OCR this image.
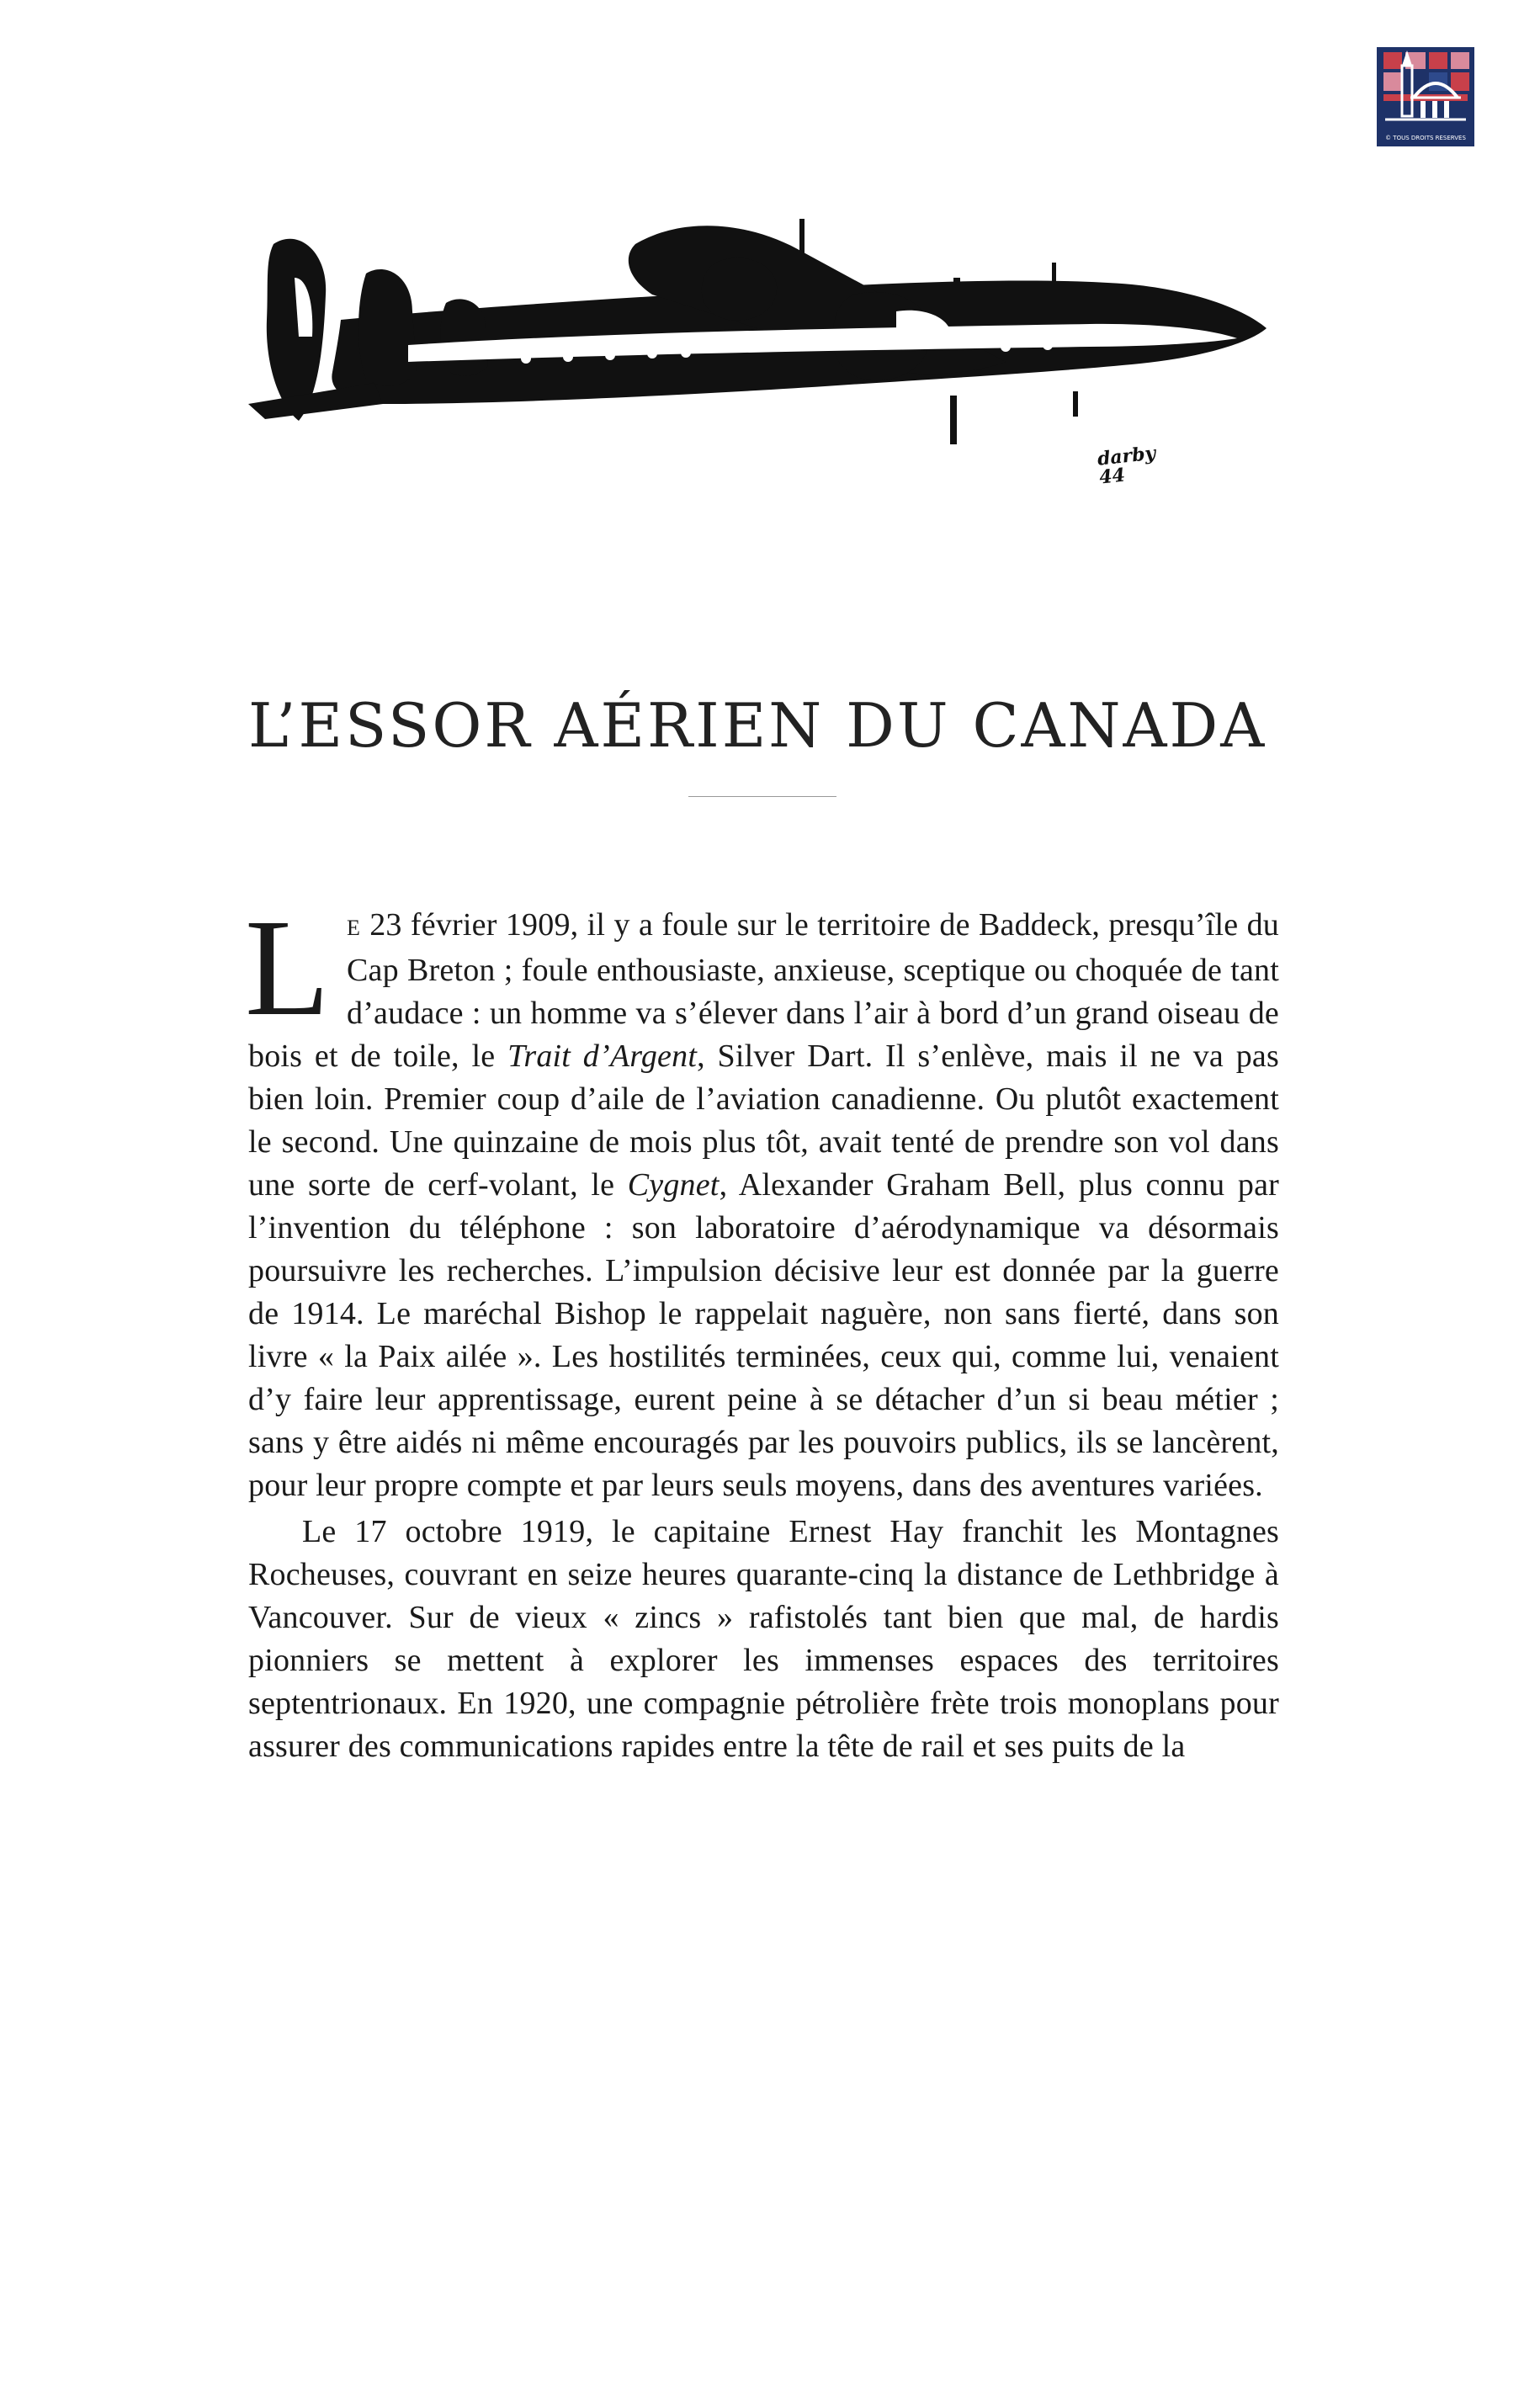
© TOUS DROITS RÉSERVÉS
darby 44
L’ESSOR AÉRIEN DU CANADA

L E 23 février 1909, il y a foule sur le territoire de Baddeck, presqu’île du Cap Breton ; foule enthousiaste, anxieuse, sceptique ou choquée de tant d’audace : un homme va s’élever dans l’air à bord d’un grand oiseau de bois et de toile, le Trait d’Argent, Silver Dart. Il s’enlève, mais il ne va pas bien loin. Premier coup d’aile de l’aviation canadienne. Ou plutôt exactement le second. Une quinzaine de mois plus tôt, avait tenté de prendre son vol dans une sorte de cerf-volant, le Cygnet, Alexander Graham Bell, plus connu par l’invention du téléphone : son laboratoire d’aérodynamique va désormais poursuivre les recherches. L’impulsion décisive leur est donnée par la guerre de 1914. Le maréchal Bishop le rappelait naguère, non sans fierté, dans son livre « la Paix ailée ». Les hostilités terminées, ceux qui, comme lui, venaient d’y faire leur apprentissage, eurent peine à se détacher d’un si beau métier ; sans y être aidés ni même encouragés par les pouvoirs publics, ils se lancèrent, pour leur propre compte et par leurs seuls moyens, dans des aventures variées.

Le 17 octobre 1919, le capitaine Ernest Hay franchit les Montagnes Rocheuses, couvrant en seize heures quarante-cinq la distance de Lethbridge à Vancouver. Sur de vieux « zincs » rafistolés tant bien que mal, de hardis pionniers se mettent à explorer les immenses espaces des territoires septentrionaux. En 1920, une compagnie pétrolière frète trois monoplans pour assurer des communications rapides entre la tête de rail et ses puits de la
